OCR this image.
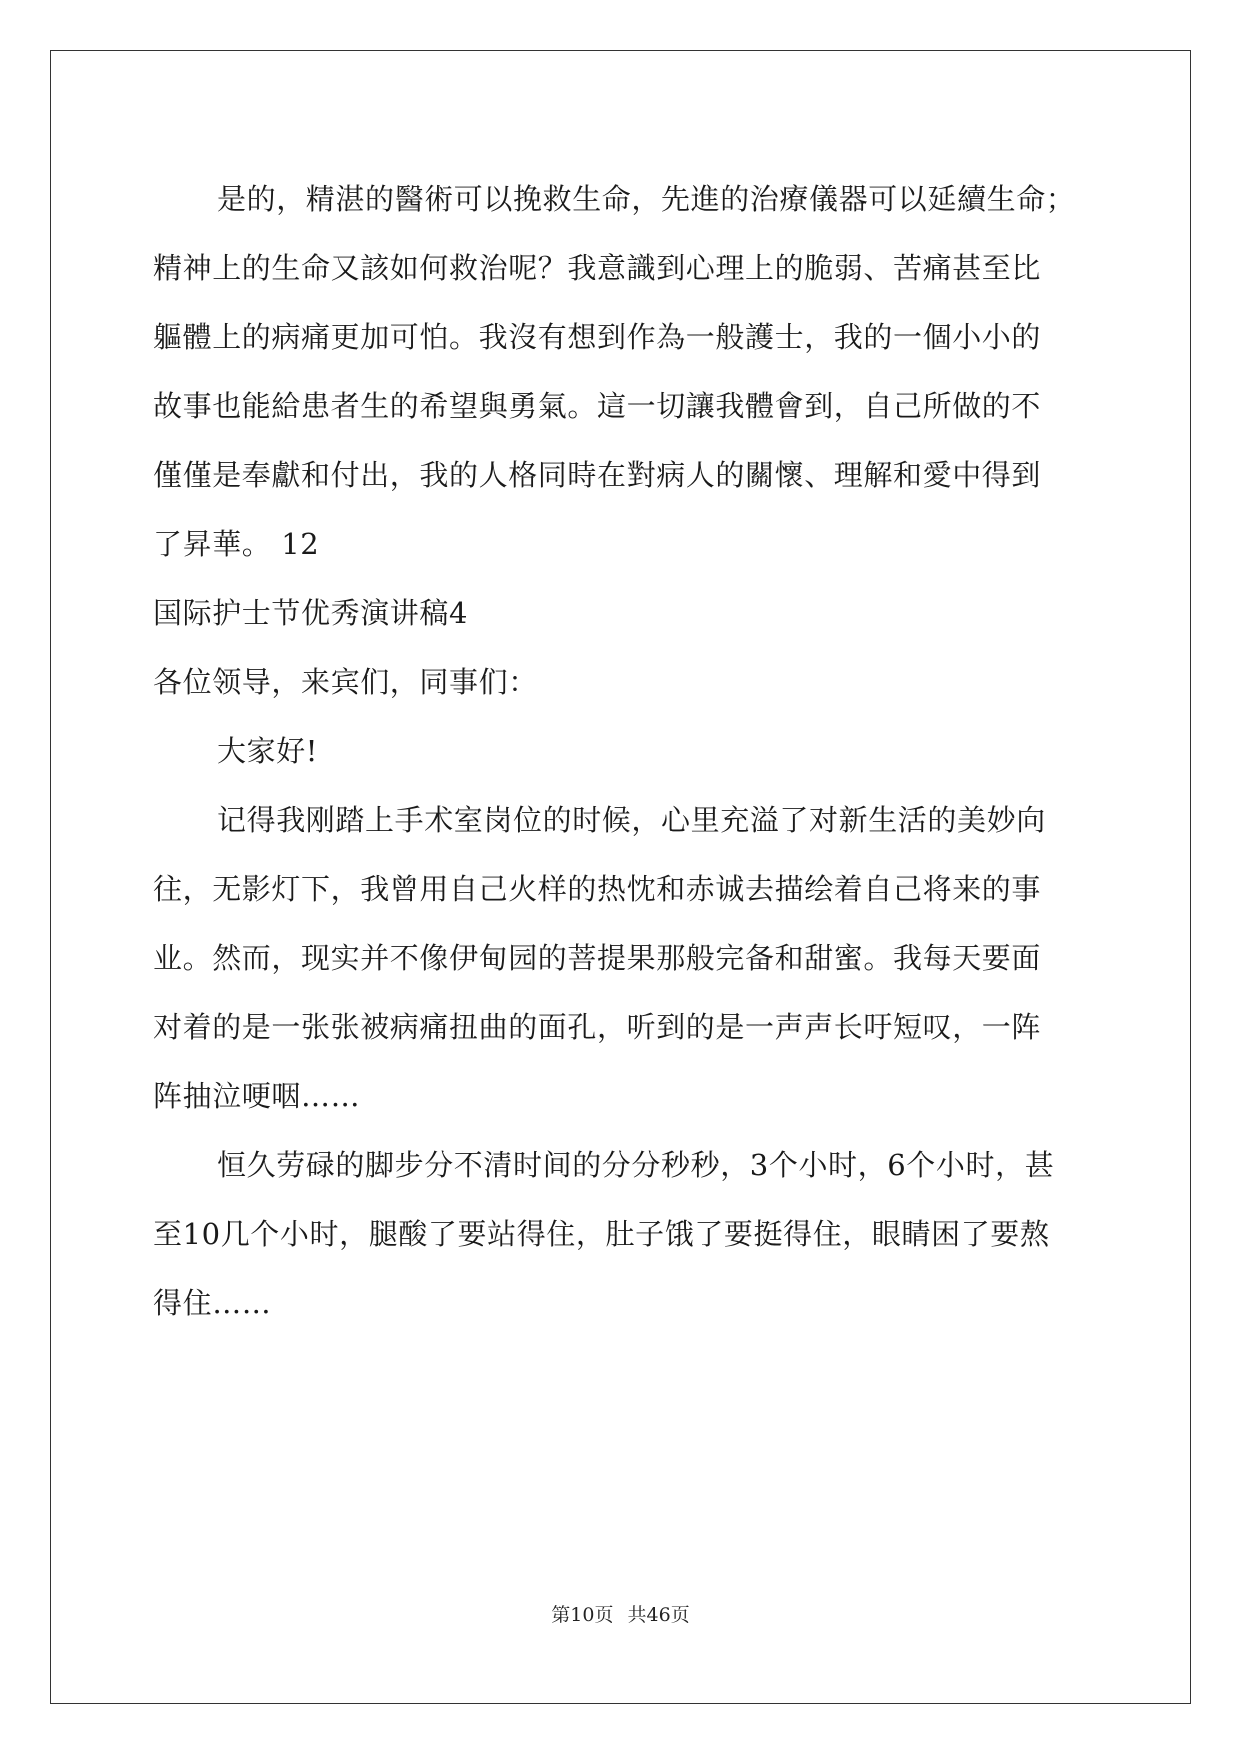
是的，精湛的醫術可以挽救生命，先進的治療儀器可以延續生命；
精神上的生命又該如何救治呢？我意識到心理上的脆弱、苦痛甚至比
軀體上的病痛更加可怕。我沒有想到作為一般護士，我的一個小小的
故事也能給患者生的希望與勇氣。這一切讓我體會到，自己所做的不
僅僅是奉獻和付出，我的人格同時在對病人的關懷、理解和愛中得到
了昇華。 12
国际护士节优秀演讲稿4
各位领导，来宾们，同事们：
大家好!
记得我刚踏上手术室岗位的时候，心里充溢了对新生活的美妙向
往，无影灯下，我曾用自己火样的热忱和赤诚去描绘着自己将来的事
业。然而，现实并不像伊甸园的菩提果那般完备和甜蜜。我每天要面
对着的是一张张被病痛扭曲的面孔，听到的是一声声长吁短叹，一阵
阵抽泣哽咽……
恒久劳碌的脚步分不清时间的分分秒秒，3个小时，6个小时，甚
至10几个小时，腿酸了要站得住，肚子饿了要挺得住，眼睛困了要熬
得住……
第10页 共46页
